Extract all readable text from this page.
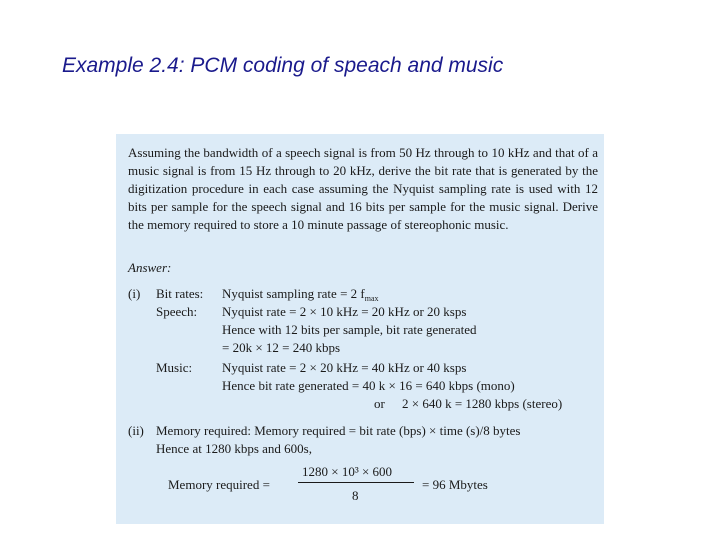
Example 2.4: PCM coding of speach and music
Assuming the bandwidth of a speech signal is from 50 Hz through to 10 kHz and that of a music signal is from 15 Hz through to 20 kHz, derive the bit rate that is generated by the digitization procedure in each case assuming the Nyquist sampling rate is used with 12 bits per sample for the speech signal and 16 bits per sample for the music signal. Derive the memory required to store a 10 minute passage of stereophonic music.
Answer:
(i) Bit rates: Nyquist sampling rate = 2 $f_{max}$
Speech: Nyquist rate = 2 × 10 kHz = 20 kHz or 20 ksps
Hence with 12 bits per sample, bit rate generated
= 20k × 12 = 240 kbps
Music: Nyquist rate = 2 × 20 kHz = 40 kHz or 40 ksps
Hence bit rate generated = 40 k × 16 = 640 kbps (mono)
or 2 × 640 k = 1280 kbps (stereo)
(ii) Memory required: Memory required = bit rate (bps) × time (s)/8 bytes
Hence at 1280 kbps and 600s,
Memory required =
1280 × 10³ × 600
8
= 96 Mbytes
